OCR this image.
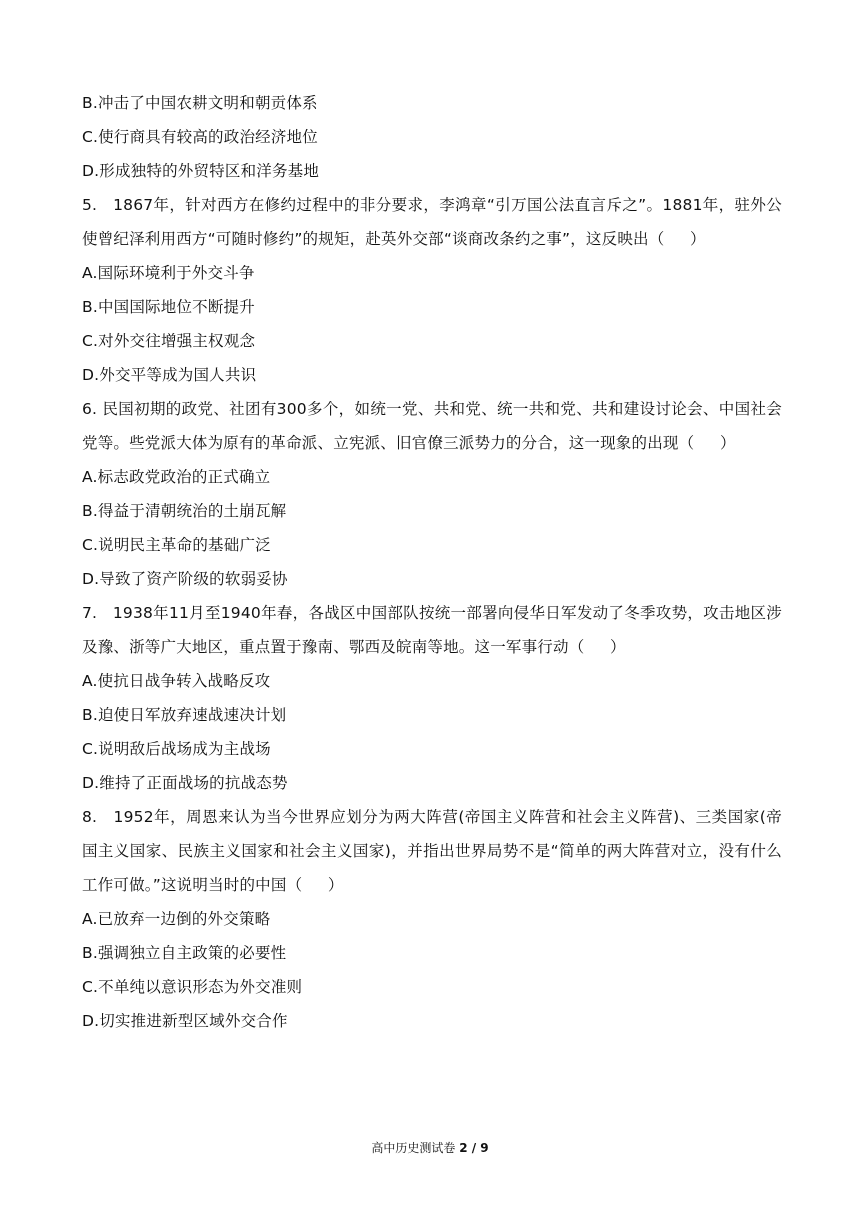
B.冲击了中国农耕文明和朝贡体系
C.使行商具有较高的政治经济地位
D.形成独特的外贸特区和洋务基地
5.   1867年，针对西方在修约过程中的非分要求，李鸿章“引万国公法直言斥之”。1881年，驻外公使曾纪泽利用西方“可随时修约”的规矩，赴英外交部“谈商改条约之事”，这反映出（     ）
A.国际环境利于外交斗争
B.中国国际地位不断提升
C.对外交往增强主权观念
D.外交平等成为国人共识
6. 民国初期的政党、社团有300多个，如统一党、共和党、统一共和党、共和建设讨论会、中国社会党等。些党派大体为原有的革命派、立宪派、旧官僚三派势力的分合，这一现象的出现（     ）
A.标志政党政治的正式确立
B.得益于清朝统治的土崩瓦解
C.说明民主革命的基础广泛
D.导致了资产阶级的软弱妥协
7.   1938年11月至1940年春，各战区中国部队按统一部署向侵华日军发动了冬季攻势，攻击地区涉及豫、浙等广大地区，重点置于豫南、鄂西及皖南等地。这一军事行动（     ）
A.使抗日战争转入战略反攻
B.迫使日军放弃速战速决计划
C.说明敌后战场成为主战场
D.维持了正面战场的抗战态势
8.   1952年，周恩来认为当今世界应划分为两大阵营(帝国主义阵营和社会主义阵营)、三类国家(帝国主义国家、民族主义国家和社会主义国家)，并指出世界局势不是“简单的两大阵营对立，没有什么工作可做。”这说明当时的中国（     ）
A.已放弃一边倒的外交策略
B.强调独立自主政策的必要性
C.不单纯以意识形态为外交准则
D.切实推进新型区域外交合作
高中历史测试卷 2 / 9
